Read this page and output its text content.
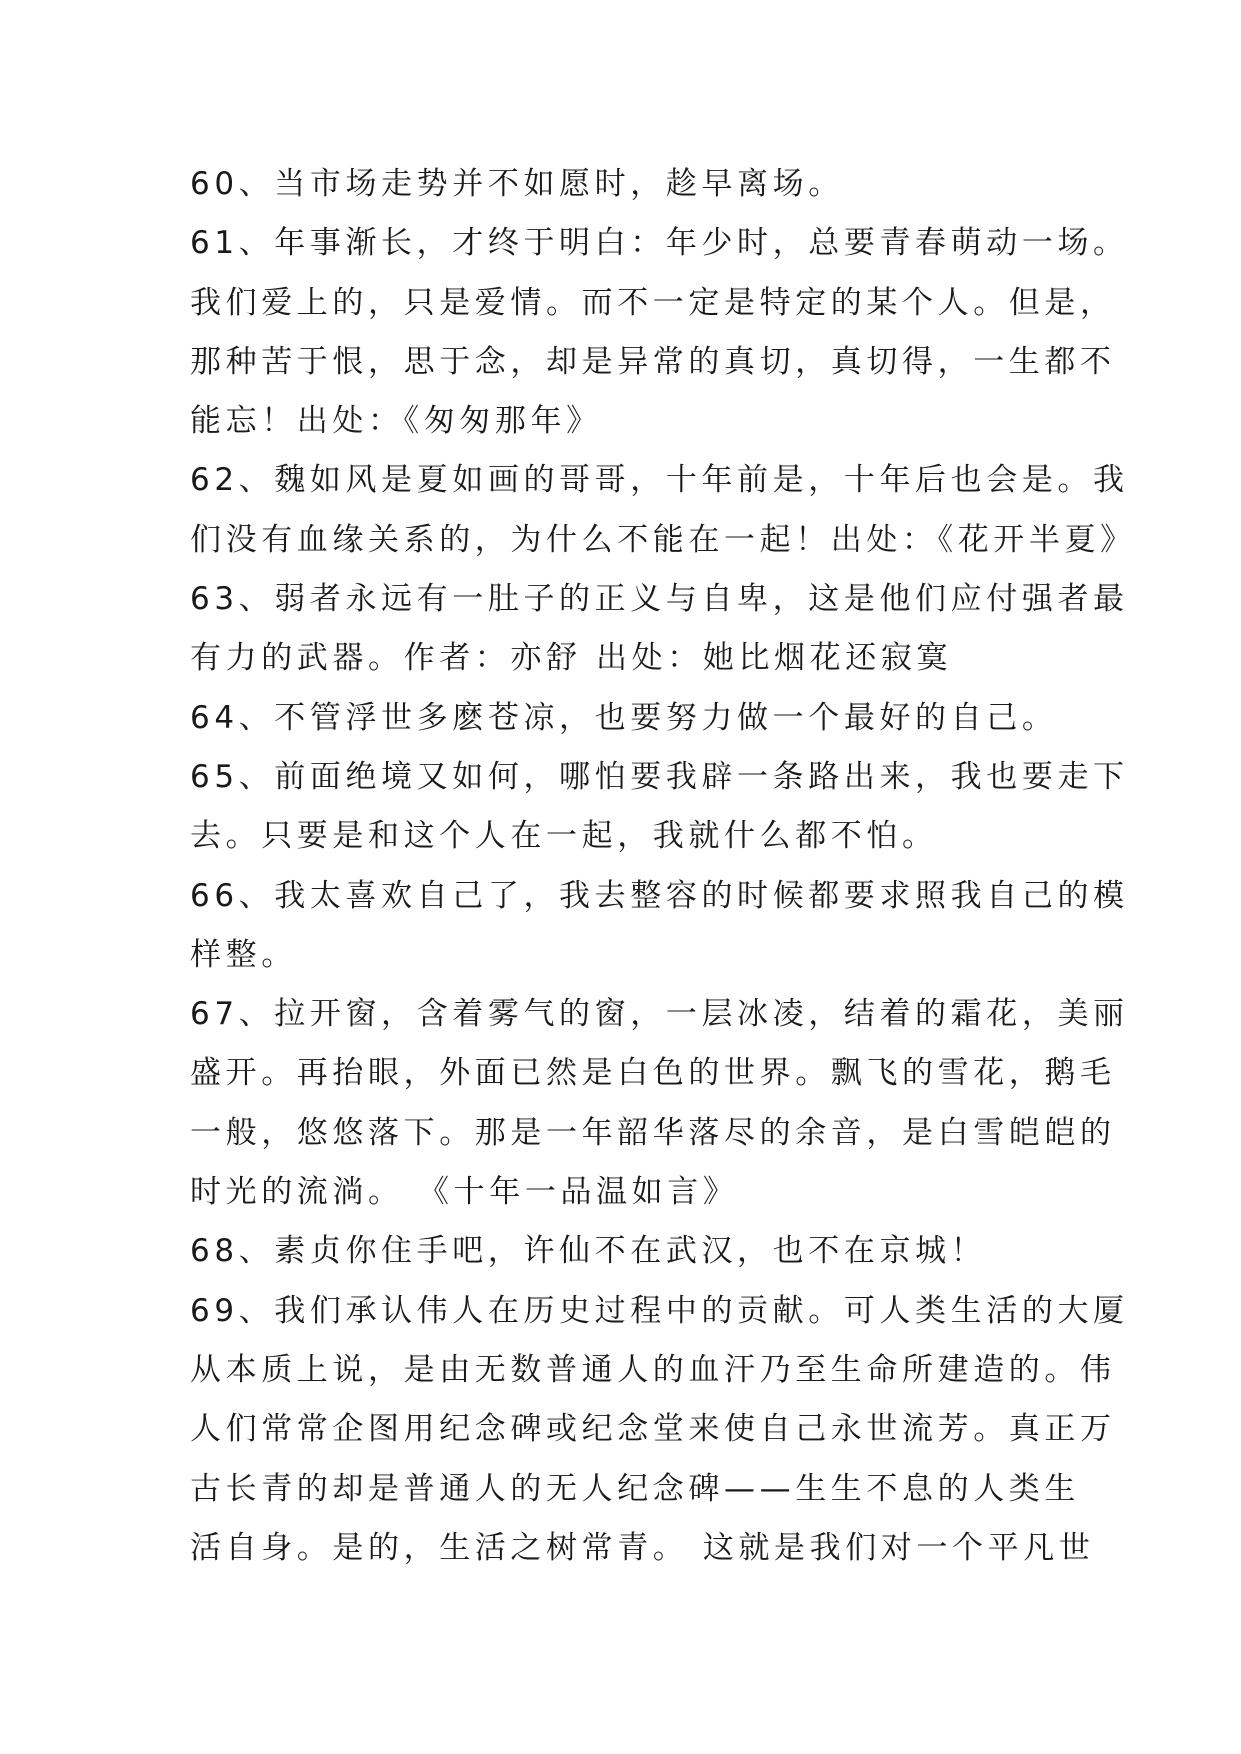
60、当市场走势并不如愿时，趁早离场。
61、年事渐长，才终于明白：年少时，总要青春萌动一场。
我们爱上的，只是爱情。而不一定是特定的某个人。但是，
那种苦于恨，思于念，却是异常的真切，真切得，一生都不
能忘！出处：《匆匆那年》
62、魏如风是夏如画的哥哥，十年前是，十年后也会是。我
们没有血缘关系的，为什么不能在一起！出处：《花开半夏》
63、弱者永远有一肚子的正义与自卑，这是他们应付强者最
有力的武器。作者：亦舒 出处：她比烟花还寂寞
64、不管浮世多麽苍凉，也要努力做一个最好的自己。
65、前面绝境又如何，哪怕要我辟一条路出来，我也要走下
去。只要是和这个人在一起，我就什么都不怕。
66、我太喜欢自己了，我去整容的时候都要求照我自己的模
样整。
67、拉开窗，含着雾气的窗，一层冰凌，结着的霜花，美丽
盛开。再抬眼，外面已然是白色的世界。飘飞的雪花，鹅毛
一般，悠悠落下。那是一年韶华落尽的余音，是白雪皑皑的
时光的流淌。 《十年一品温如言》
68、素贞你住手吧，许仙不在武汉，也不在京城！
69、我们承认伟人在历史过程中的贡献。可人类生活的大厦
从本质上说，是由无数普通人的血汗乃至生命所建造的。伟
人们常常企图用纪念碑或纪念堂来使自己永世流芳。真正万
古长青的却是普通人的无人纪念碑——生生不息的人类生
活自身。是的，生活之树常青。 这就是我们对一个平凡世
